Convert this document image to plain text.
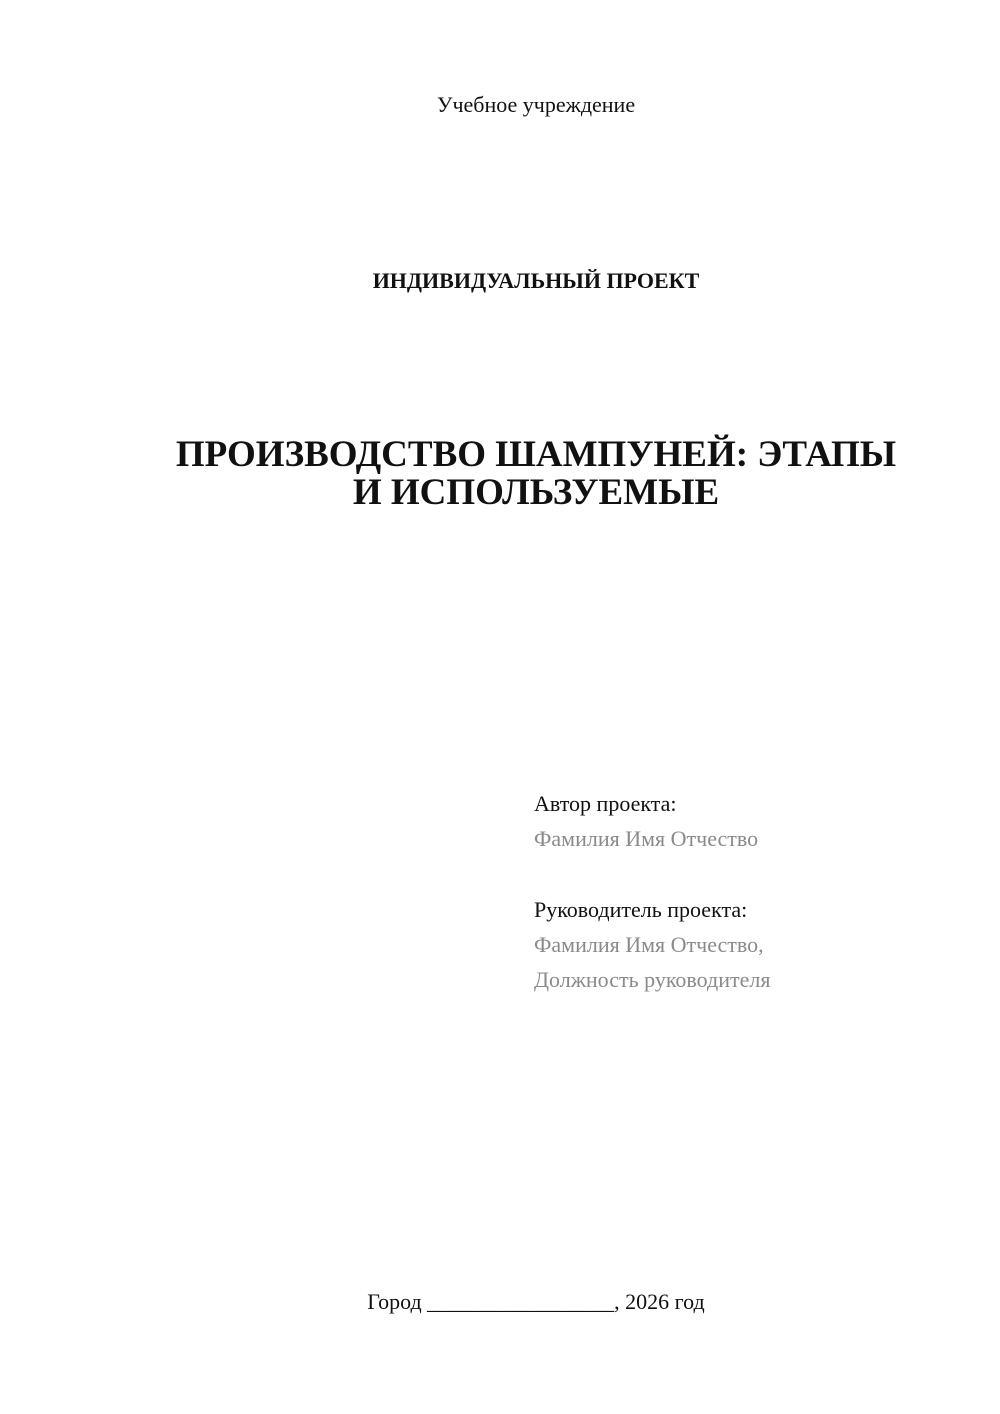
Учебное учреждение
ИНДИВИДУАЛЬНЫЙ ПРОЕКТ
ПРОИЗВОДСТВО ШАМПУНЕЙ: ЭТАПЫ
И ИСПОЛЬЗУЕМЫЕ
Автор проекта:
Фамилия Имя Отчество
Руководитель проекта:
Фамилия Имя Отчество,
Должность руководителя
Город _________________, 2026 год
